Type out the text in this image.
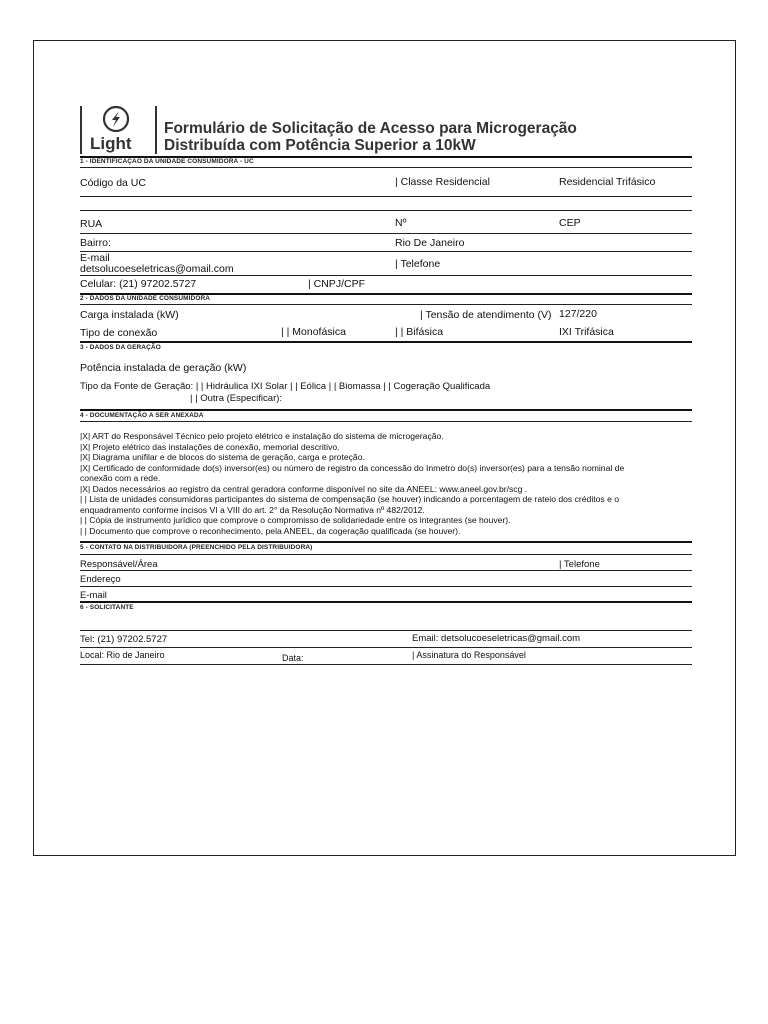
Light
Formulário de Solicitação de Acesso para Microgeração
Distribuída com Potência Superior a 10kW
1 - IDENTIFICAÇÃO DA UNIDADE CONSUMIDORA - UC
Código da UC	| Classe Residencial	Residencial Trifásico
RUA	Nº	CEP
Bairro:	Rio De Janeiro
E-mail
detsolucoeseletricas@omail.com	| Telefone
Celular: (21) 97202.5727	| CNPJ/CPF
2 - DADOS DA UNIDADE CONSUMIDORA
Carga instalada (kW)	| Tensão de atendimento (V) 127/220
Tipo de conexão	| | Monofásica	| | Bifásica	IXI Trifásica
3 - DADOS DA GERAÇÃO
Potência instalada de geração (kW)
Tipo da Fonte de Geração: | | Hidráulica IXI Solar | | Eólica | | Biomassa | | Cogeração Qualificada
| | Outra (Especificar):
4 - DOCUMENTAÇÃO A SER ANEXADA
|X| ART do Responsável Técnico pelo projeto elétrico e instalação do sistema de microgeração.
|X| Projeto elétrico das instalações de conexão, memorial descritivo.
|X| Diagrama unifilar e de blocos do sistema de geração, carga e proteção.
|X| Certificado de conformidade do(s) inversor(es) ou número de registro da concessão do Inmetro do(s) inversor(es) para a tensão nominal de
conexão com a rede.
|X| Dados necessários ao registro da central geradora conforme disponível no site da ANEEL: www.aneel.gov.br/scg .
| | Lista de unidades consumidoras participantes do sistema de compensação (se houver) indicando a porcentagem de rateio dos créditos e o
enquadramento conforme incisos VI a VIII do art. 2° da Resolução Normativa nº 482/2012.
| | Cópia de instrumento jurídico que comprove o compromisso de solidariedade entre os integrantes (se houver).
| | Documento que comprove o reconhecimento, pela ANEEL, da cogeração qualificada (se houver).
5 - CONTATO NA DISTRIBUIDORA (PREENCHIDO PELA DISTRIBUIDORA)
Responsável/Área	| Telefone
Endereço
E-mail
6 - SOLICITANTE
Tel: (21) 97202.5727	Email: detsolucoeseletricas@gmail.com
Local: Rio de Janeiro	Data:	| Assinatura do Responsável
